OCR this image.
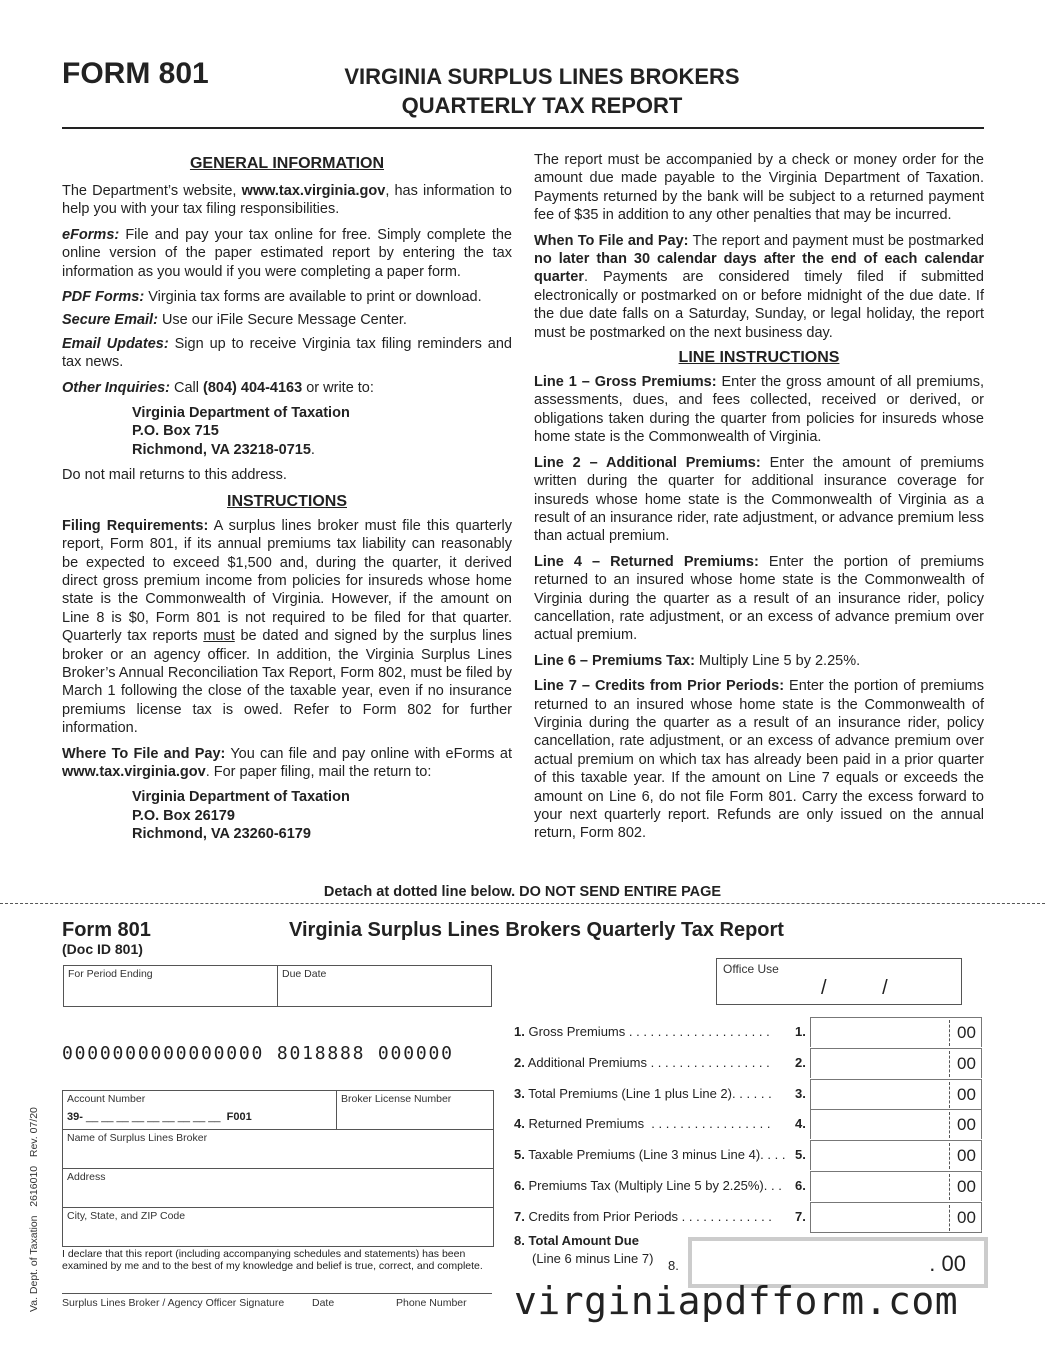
FORM 801	VIRGINIA SURPLUS LINES BROKERS
QUARTERLY TAX REPORT
GENERAL INFORMATION

The Department’s website, www.tax.virginia.gov, has information to help you with your tax filing responsibilities.

eForms: File and pay your tax online for free. Simply complete the online version of the paper estimated report by entering the tax information as you would if you were completing a paper form.

PDF Forms: Virginia tax forms are available to print or download.

Secure Email: Use our iFile Secure Message Center.

Email Updates: Sign up to receive Virginia tax filing reminders and tax news.

Other Inquiries: Call (804) 404-4163 or write to:

Virginia Department of Taxation
P.O. Box 715
Richmond, VA 23218-0715.

Do not mail returns to this address.

INSTRUCTIONS

Filing Requirements: A surplus lines broker must file this quarterly report, Form 801, if its annual premiums tax liability can reasonably be expected to exceed $1,500 and, during the quarter, it derived direct gross premium income from policies for insureds whose home state is the Commonwealth of Virginia. However, if the amount on Line 8 is $0, Form 801 is not required to be filed for that quarter. Quarterly tax reports must be dated and signed by the surplus lines broker or an agency officer. In addition, the Virginia Surplus Lines Broker’s Annual Reconciliation Tax Report, Form 802, must be filed by March 1 following the close of the taxable year, even if no insurance premiums license tax is owed. Refer to Form 802 for further information.

Where To File and Pay: You can file and pay online with eForms at www.tax.virginia.gov. For paper filing, mail the return to:

Virginia Department of Taxation
P.O. Box 26179
Richmond, VA 23260-6179

The report must be accompanied by a check or money order for the amount due made payable to the Virginia Department of Taxation. Payments returned by the bank will be subject to a returned payment fee of $35 in addition to any other penalties that may be incurred.

When To File and Pay: The report and payment must be postmarked no later than 30 calendar days after the end of each calendar quarter. Payments are considered timely filed if submitted electronically or postmarked on or before midnight of the due date. If the due date falls on a Saturday, Sunday, or legal holiday, the report must be postmarked on the next business day.

LINE INSTRUCTIONS

Line 1 – Gross Premiums: Enter the gross amount of all premiums, assessments, dues, and fees collected, received or derived, or obligations taken during the quarter from policies for insureds whose home state is the Commonwealth of Virginia.

Line 2 – Additional Premiums: Enter the amount of premiums written during the quarter for additional insurance coverage for insureds whose home state is the Commonwealth of Virginia as a result of an insurance rider, rate adjustment, or advance premium less than actual premium.

Line 4 – Returned Premiums: Enter the portion of premiums returned to an insured whose home state is the Commonwealth of Virginia during the quarter as a result of an insurance rider, policy cancellation, rate adjustment, or an excess of advance premium over actual premium.

Line 6 – Premiums Tax: Multiply Line 5 by 2.25%.

Line 7 – Credits from Prior Periods: Enter the portion of premiums returned to an insured whose home state is the Commonwealth of Virginia during the quarter as a result of an insurance rider, policy cancellation, rate adjustment, or an excess of advance premium over actual premium on which tax has already been paid in a prior quarter of this taxable year. If the amount on Line 7 equals or exceeds the amount on Line 6, do not file Form 801. Carry the excess forward to your next quarterly report. Refunds are only issued on the annual return, Form 802.

Detach at dotted line below. DO NOT SEND ENTIRE PAGE
Form 801
(Doc ID 801)
Virginia Surplus Lines Brokers Quarterly Tax Report
For Period Ending	Due Date	Office Use
/          /
0000000000000000 8018888 000000
Account Number
39- __ __ __ __ __ __ __ __ __ F001
Broker License Number
Name of Surplus Lines Broker
Address
City, State, and ZIP Code
I declare that this report (including accompanying schedules and statements) has been examined by me and to the best of my knowledge and belief is true, correct, and complete.
Surplus Lines Broker / Agency Officer Signature	Date	Phone Number
Va. Dept. of Taxation   2616010   Rev. 07/20
1. Gross Premiums . . . . . . . . . . . . . . . . . . . . 1.	00
2. Additional Premiums . . . . . . . . . . . . . . . . . 2.	00
3. Total Premiums (Line 1 plus Line 2). . . . . . 3.	00
4. Returned Premiums  . . . . . . . . . . . . . . . . . 4.	00
5. Taxable Premiums (Line 3 minus Line 4). . . . 5.	00
6. Premiums Tax (Multiply Line 5 by 2.25%). . . 6.	00
7. Credits from Prior Periods . . . . . . . . . . . . . 7.	00
8. Total Amount Due
(Line 6 minus Line 7) 8.	. 00
virginiapdfform.com
